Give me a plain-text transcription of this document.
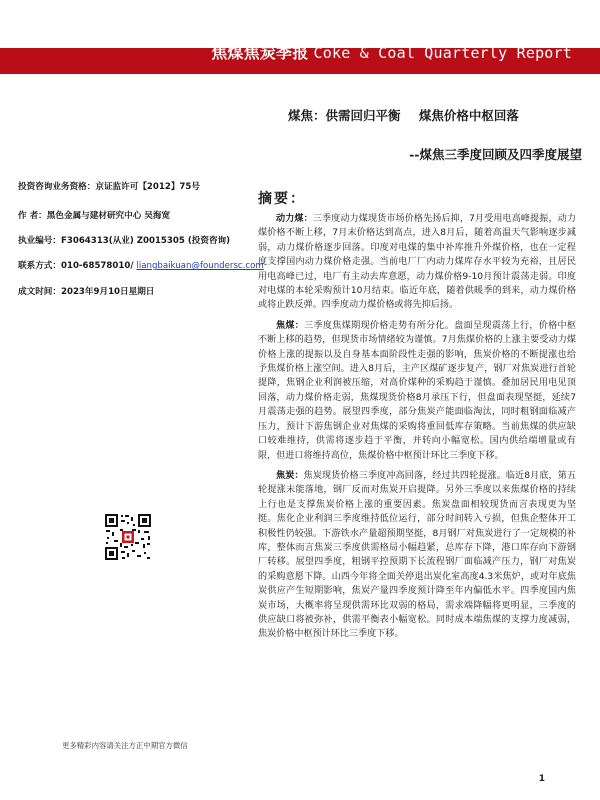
焦煤焦炭季报 Coke & Coal Quarterly Report
煤焦：供需回归平衡 煤焦价格中枢回落
--煤焦三季度回顾及四季度展望
投资咨询业务资格：京证监许可【2012】75号
作 者：黑色金属与建材研究中心 吴海宽
执业编号：F3064313(从业) Z0015305 (投资咨询)
联系方式：010-68578010/ liangbaikuan@foundersc.com
成文时间：2023年9月10日星期日
更多精彩内容请关注方正中期官方微信
摘要：

动力煤：三季度动力煤现货市场价格先扬后抑，7月受用电高峰提振，动力煤价格不断上移，7月末价格达到高点，进入8月后，随着高温天气影响逐步减弱，动力煤价格逐步回落。印度对电煤的集中补库推升外煤价格，也在一定程度支撑国内动力煤价格走强。当前电厂厂内动力煤库存水平较为充裕，且居民用电高峰已过，电厂有主动去库意愿，动力煤价格9-10月预计震荡走弱。印度对电煤的本轮采购预计10月结束。临近年底，随着供暖季的到来，动力煤价格或将止跌反弹。四季度动力煤价格或将先抑后扬。

焦煤：三季度焦煤期现价格走势有所分化。盘面呈现震荡上行，价格中枢不断上移的趋势，但现货市场情绪较为谨慎。7月焦煤价格的上涨主要受动力煤价格上涨的提振以及自身基本面阶段性走强的影响，焦炭价格的不断提涨也给予焦煤价格上涨空间。进入8月后，主产区煤矿逐步复产，钢厂对焦炭进行首轮提降，焦钢企业利润被压缩，对高价煤种的采购趋于谨慎。叠加居民用电见顶回落，动力煤价格走弱，焦煤现货价格8月承压下行，但盘面表现坚挺，延续7月震荡走强的趋势。展望四季度，部分焦炭产能面临淘汰，同时粗钢面临减产压力，预计下游焦钢企业对焦煤的采购将重回低库存策略。当前焦煤的供应缺口较难维持，供需将逐步趋于平衡，并转向小幅宽松。国内供给端增量或有限，但进口将维持高位，焦煤价格中枢预计环比三季度下移。

焦炭：焦炭现货价格三季度冲高回落，经过共四轮提涨。临近8月底，第五轮提涨未能落地，钢厂反而对焦炭开启提降。另外三季度以来焦煤价格的持续上行也是支撑焦炭价格上涨的重要因素。焦炭盘面相较现货而言表现更为坚挺。焦化企业利润三季度维持低位运行，部分时间转入亏损，但焦企整体开工积极性仍较强。下游铁水产量超预期坚挺，8月钢厂对焦炭进行了一定规模的补库，整体而言焦炭三季度供需格局小幅趋紧，总库存下降，港口库存向下游钢厂转移。展望四季度，粗钢平控预期下长流程钢厂面临减产压力，钢厂对焦炭的采购意愿下降。山西今年将全面关停退出炭化室高度4.3米焦炉，或对年底焦炭供应产生短期影响，焦炭产量四季度预计降至年内偏低水平。四季度国内焦炭市场，大概率将呈现供需环比双弱的格局，需求端降幅将更明显，三季度的供应缺口将被弥补，供需平衡表小幅宽松。同时成本端焦煤的支撑力度减弱，焦炭价格中枢预计环比三季度下移。

1
